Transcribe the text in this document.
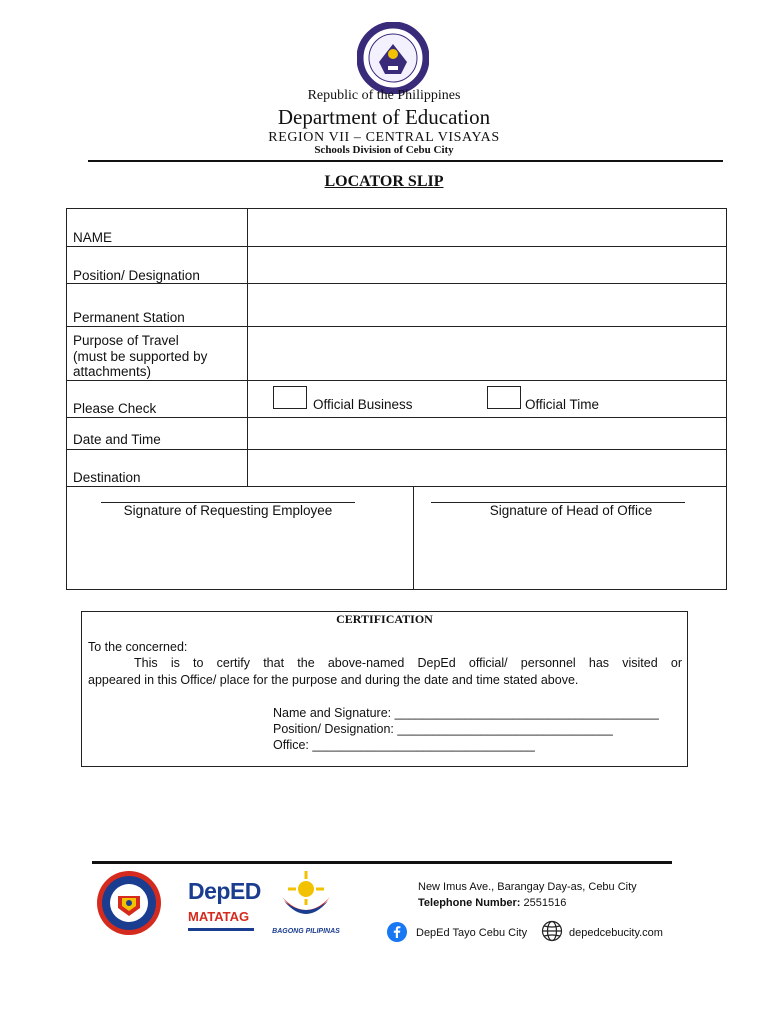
Republic of the Philippines
Department of Education
REGION VII – CENTRAL VISAYAS
Schools Division of Cebu City
LOCATOR SLIP
NAME
Position/ Designation
Permanent Station
Purpose of Travel
(must be supported by
attachments)
Please Check	Official Business	Official Time
Date and Time
Destination
Signature of Requesting Employee	Signature of Head of Office
CERTIFICATION
To the concerned:
This is to certify that the above-named DepEd official/ personnel has visited or
appeared in this Office/ place for the purpose and during the date and time stated above.
Name and Signature: ______________________________________
Position/ Designation: _______________________________
Office: ________________________________
DepED
MATATAG
BAGONG PILIPINAS
New Imus Ave., Barangay Day-as, Cebu City
Telephone Number: 2551516
DepEd Tayo Cebu City	depedcebucity.com
